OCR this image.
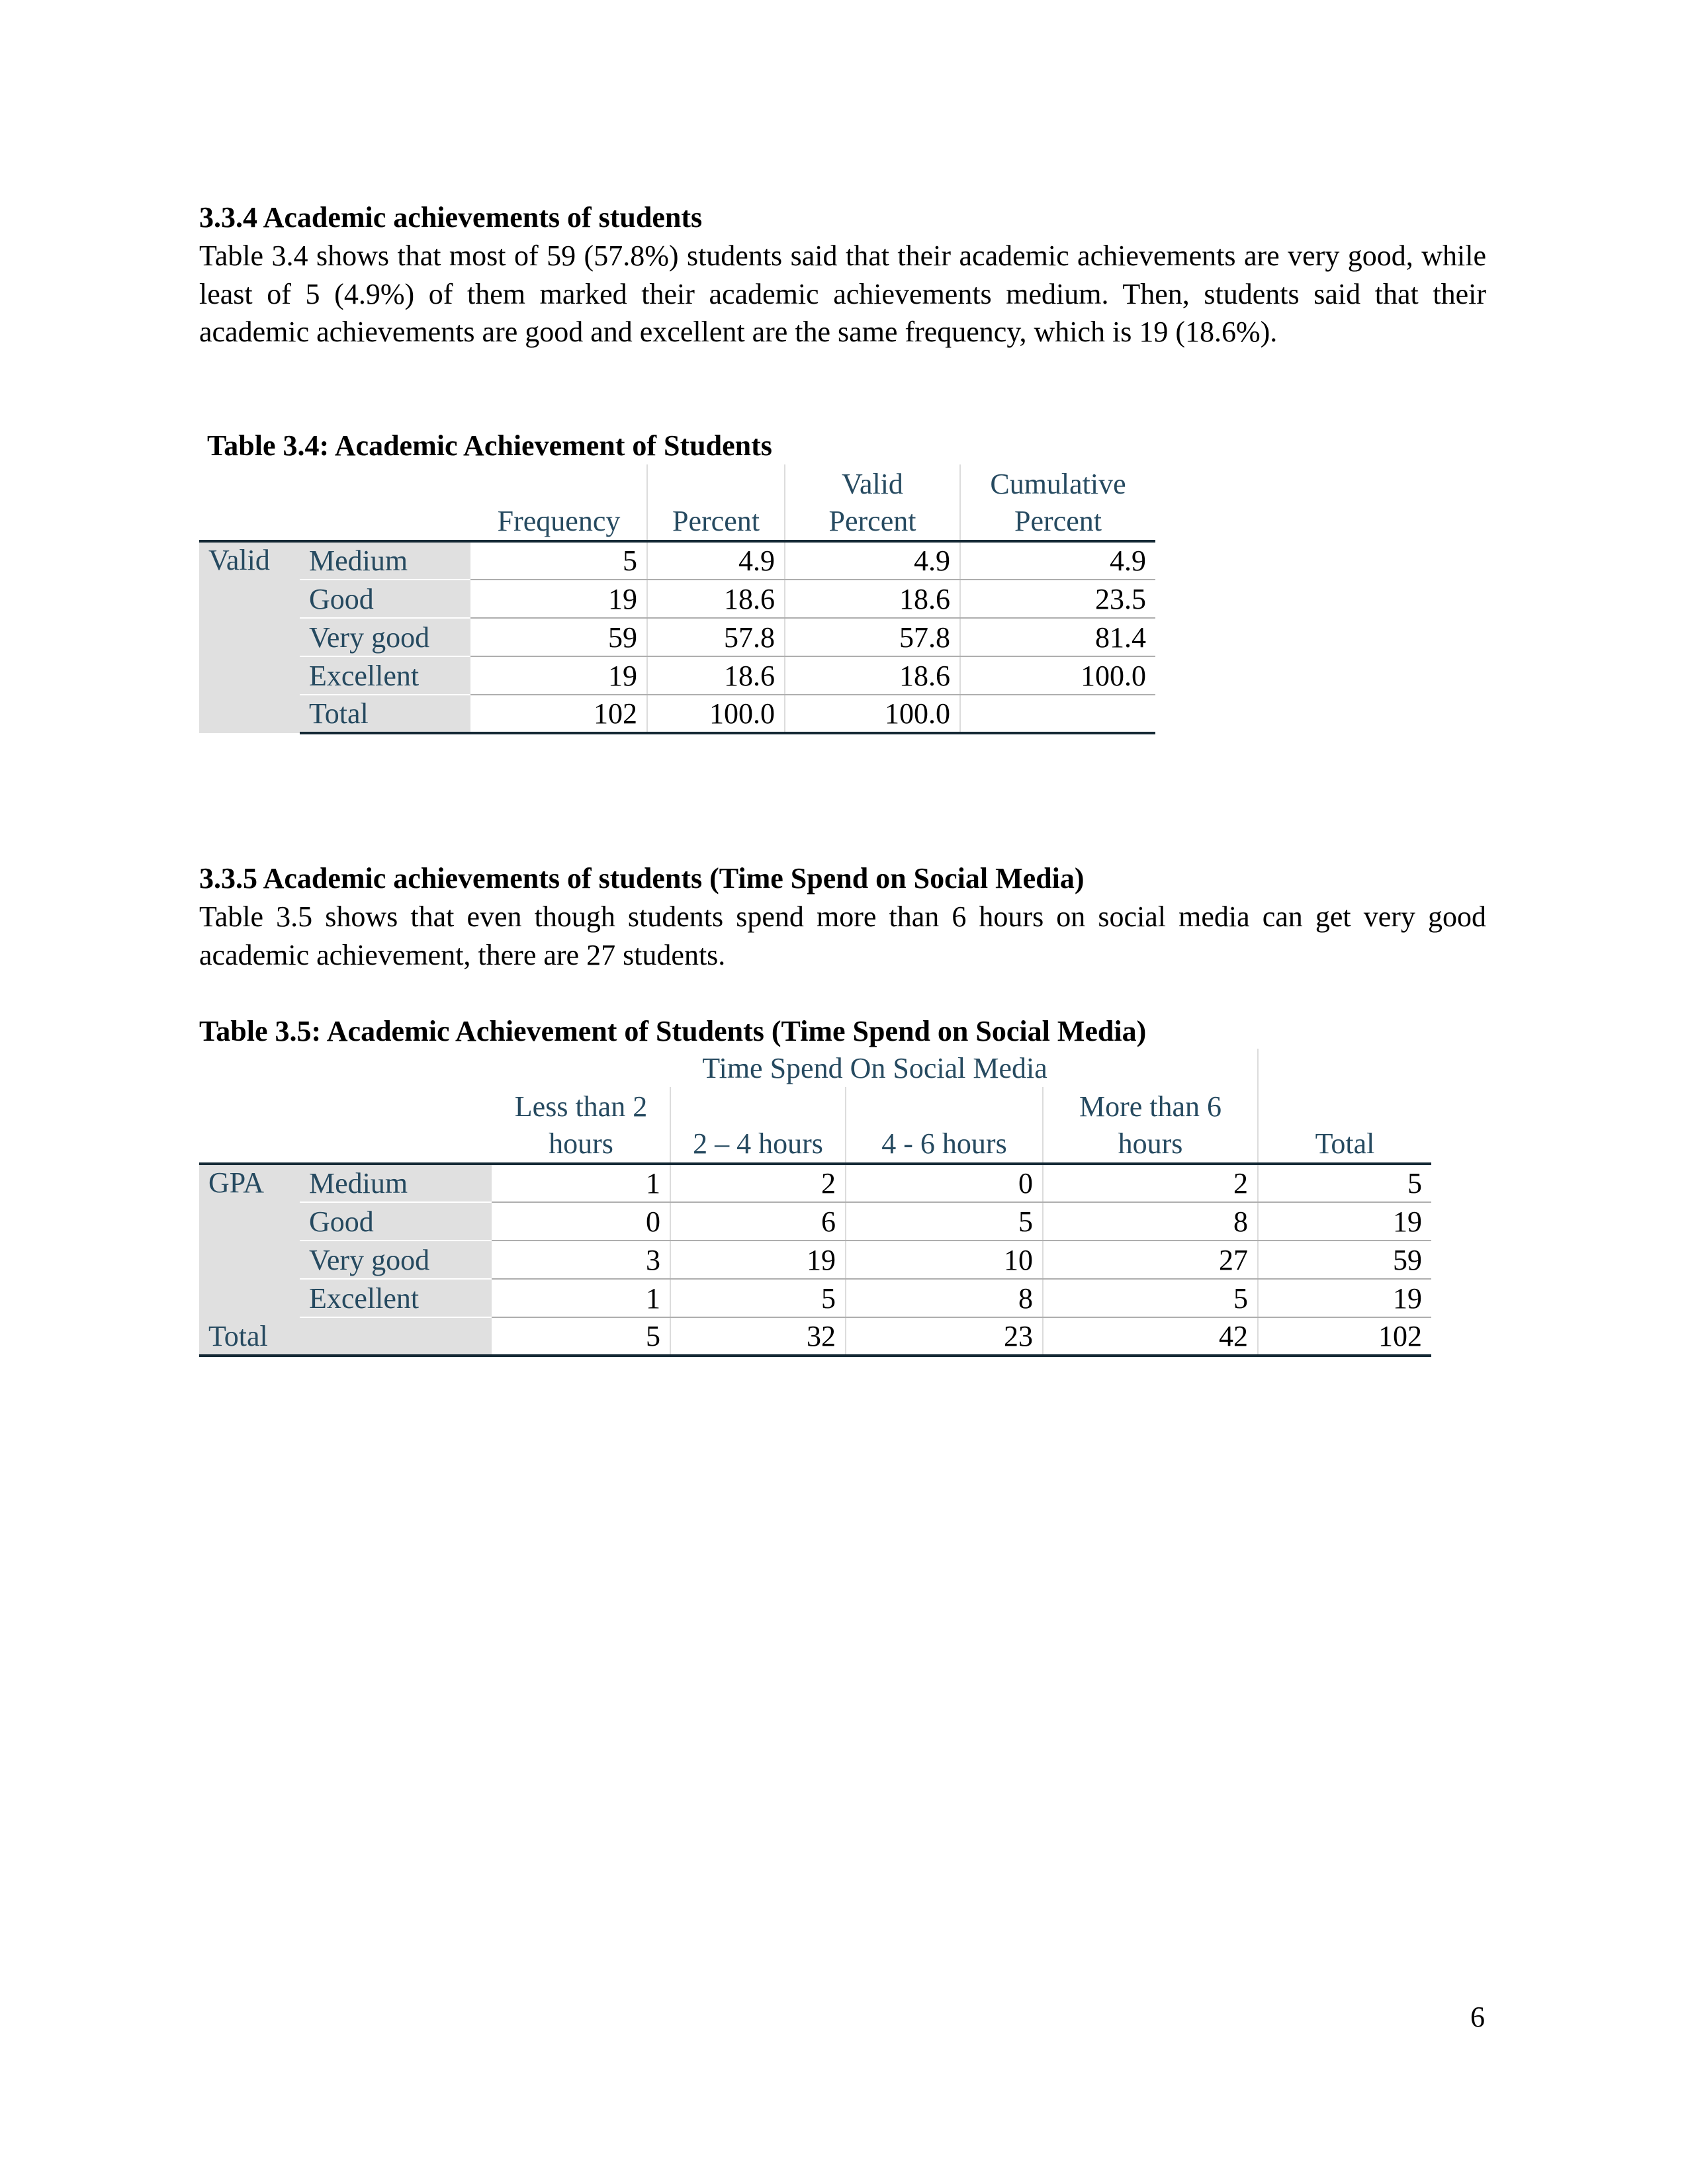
3.3.4 Academic achievements of students
Table 3.4 shows that most of 59 (57.8%) students said that their academic achievements are very good, while least of 5 (4.9%) of them marked their academic achievements medium. Then, students said that their academic achievements are good and excellent are the same frequency, which is 19 (18.6%).
Table 3.4: Academic Achievement of Students
				Valid	Cumulative
		Frequency	Percent	Percent	Percent
Valid	Medium	5	4.9	4.9	4.9
	Good	19	18.6	18.6	23.5
	Very good	59	57.8	57.8	81.4
	Excellent	19	18.6	18.6	100.0
	Total	102	100.0	100.0	
3.3.5 Academic achievements of students (Time Spend on Social Media)
Table 3.5 shows that even though students spend more than 6 hours on social media can get very good academic achievement, there are 27 students.
Table 3.5: Academic Achievement of Students (Time Spend on Social Media)
		Time Spend On Social Media				
		Less than 2			More than 6	
		hours	2 – 4 hours	4 - 6 hours	hours	Total
GPA	Medium	1	2	0	2	5
	Good	0	6	5	8	19
	Very good	3	19	10	27	59
	Excellent	1	5	8	5	19
Total		5	32	23	42	102
6
